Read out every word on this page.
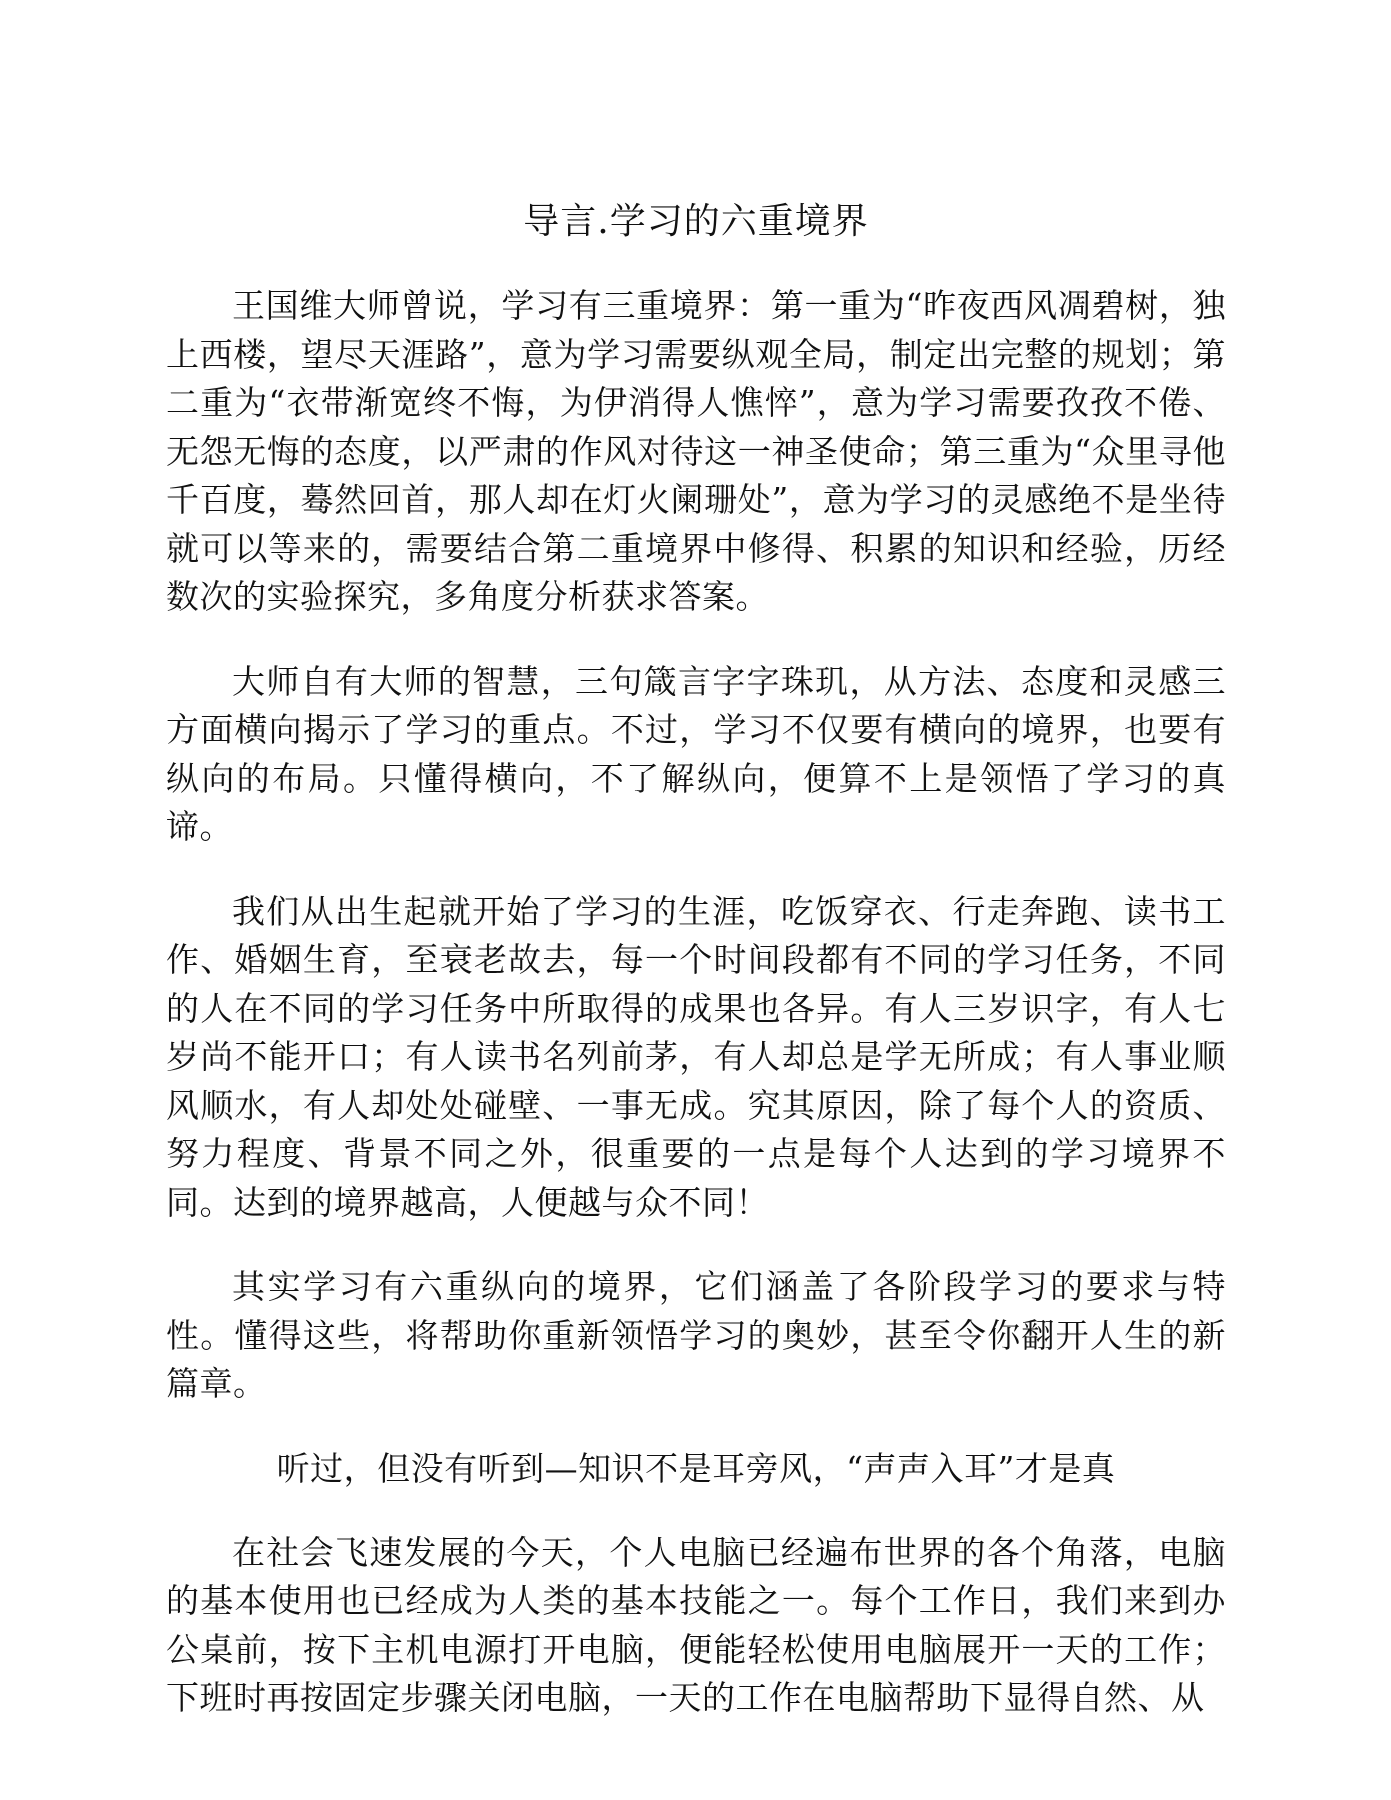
导言.学习的六重境界

王国维大师曾说，学习有三重境界：第一重为“昨夜西风凋碧树，独上西楼，望尽天涯路”，意为学习需要纵观全局，制定出完整的规划；第二重为“衣带渐宽终不悔，为伊消得人憔悴”，意为学习需要孜孜不倦、无怨无悔的态度，以严肃的作风对待这一神圣使命；第三重为“众里寻他千百度，蓦然回首，那人却在灯火阑珊处”，意为学习的灵感绝不是坐待就可以等来的，需要结合第二重境界中修得、积累的知识和经验，历经数次的实验探究，多角度分析获求答案。

大师自有大师的智慧，三句箴言字字珠玑，从方法、态度和灵感三方面横向揭示了学习的重点。不过，学习不仅要有横向的境界，也要有纵向的布局。只懂得横向，不了解纵向，便算不上是领悟了学习的真谛。

我们从出生起就开始了学习的生涯，吃饭穿衣、行走奔跑、读书工作、婚姻生育，至衰老故去，每一个时间段都有不同的学习任务，不同的人在不同的学习任务中所取得的成果也各异。有人三岁识字，有人七岁尚不能开口；有人读书名列前茅，有人却总是学无所成；有人事业顺风顺水，有人却处处碰壁、一事无成。究其原因，除了每个人的资质、努力程度、背景不同之外，很重要的一点是每个人达到的学习境界不同。达到的境界越高，人便越与众不同！

其实学习有六重纵向的境界，它们涵盖了各阶段学习的要求与特性。懂得这些，将帮助你重新领悟学习的奥妙，甚至令你翻开人生的新篇章。

听过，但没有听到—知识不是耳旁风，“声声入耳”才是真

在社会飞速发展的今天，个人电脑已经遍布世界的各个角落，电脑的基本使用也已经成为人类的基本技能之一。每个工作日，我们来到办公桌前，按下主机电源打开电脑，便能轻松使用电脑展开一天的工作；下班时再按固定步骤关闭电脑，一天的工作在电脑帮助下显得自然、从
